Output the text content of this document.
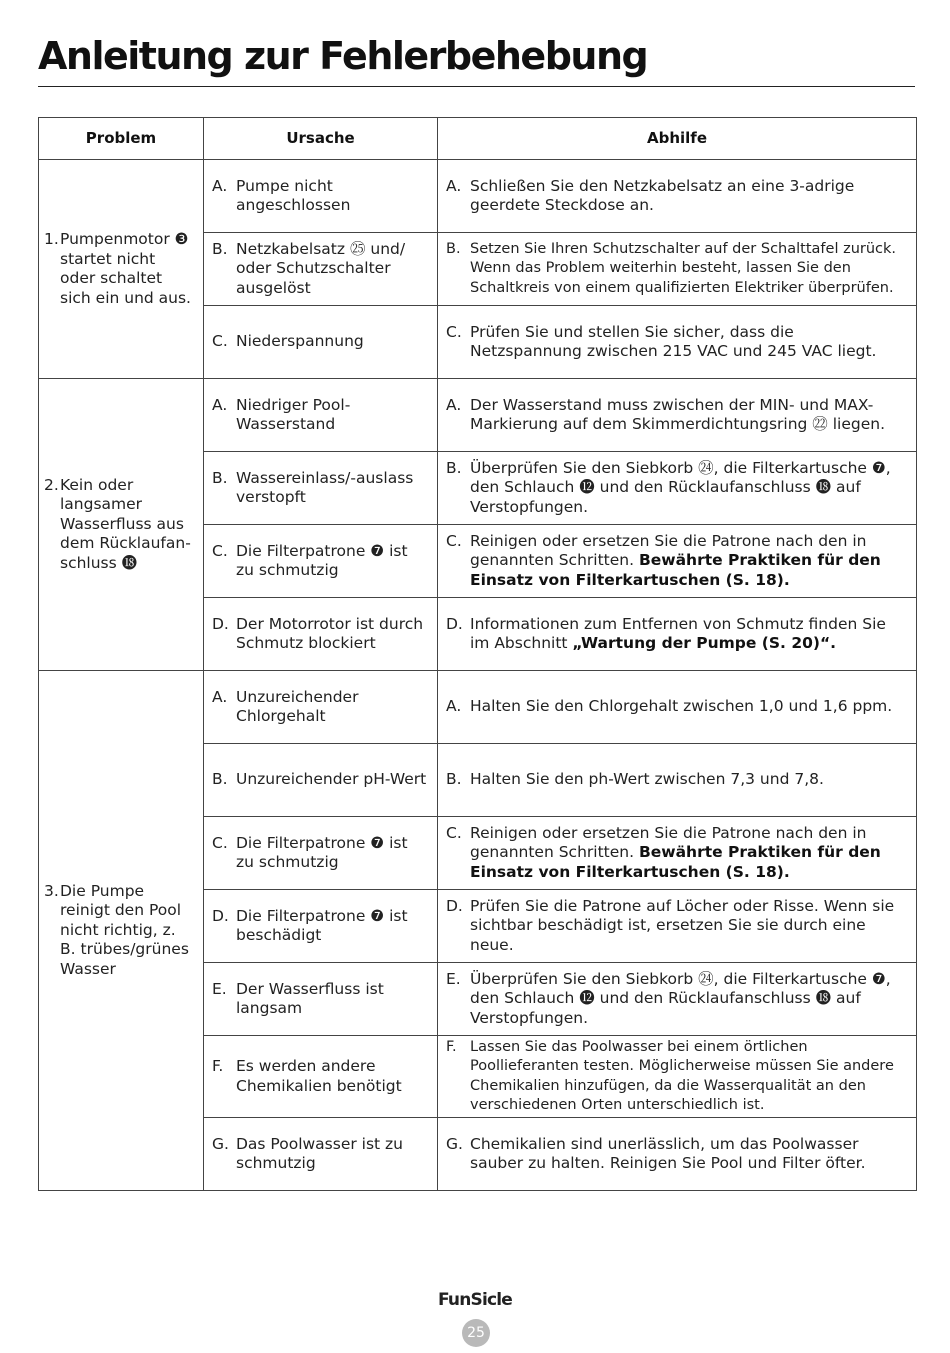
Anleitung zur Fehlerbehebung
Problem	Ursache	Abhilfe

1. Pumpenmotor ❸ startet nicht oder schaltet sich ein und aus.	A. Pumpe nicht angeschlossen	A. Schließen Sie den Netzkabelsatz an eine 3-adrige geerdete Steckdose an.

	B. Netzkabelsatz ㉕ und/ oder Schutzschalter ausgelöst	B. Setzen Sie Ihren Schutzschalter auf der Schalttafel zurück. Wenn das Problem weiterhin besteht, lassen Sie den Schaltkreis von einem qualifizierten Elektriker überprüfen.

	C. Niederspannung	C. Prüfen Sie und stellen Sie sicher, dass die Netzspannung zwischen 215 VAC und 245 VAC liegt.

2. Kein oder langsamer Wasserfluss aus dem Rücklaufan-schluss ⓲	A. Niedriger Pool-Wasserstand	A. Der Wasserstand muss zwischen der MIN- und MAX-Markierung auf dem Skimmerdichtungsring ㉒ liegen.

	B. Wassereinlass/-auslass verstopft	B. Überprüfen Sie den Siebkorb ㉔, die Filterkartusche ❼, den Schlauch ⓬ und den Rücklaufanschluss ⓲ auf Verstopfungen.

	C. Die Filterpatrone ❼ ist zu schmutzig	C. Reinigen oder ersetzen Sie die Patrone nach den in genannten Schritten. Bewährte Praktiken für den Einsatz von Filterkartuschen (S. 18).

	D. Der Motorrotor ist durch Schmutz blockiert	D. Informationen zum Entfernen von Schmutz finden Sie im Abschnitt „Wartung der Pumpe (S. 20)“.

3. Die Pumpe reinigt den Pool nicht richtig, z. B. trübes/grünes Wasser	A. Unzureichender Chlorgehalt	A. Halten Sie den Chlorgehalt zwischen 1,0 und 1,6 ppm.

	B. Unzureichender pH-Wert	B. Halten Sie den ph-Wert zwischen 7,3 und 7,8.

	C. Die Filterpatrone ❼ ist zu schmutzig	C. Reinigen oder ersetzen Sie die Patrone nach den in genannten Schritten. Bewährte Praktiken für den Einsatz von Filterkartuschen (S. 18).

	D. Die Filterpatrone ❼ ist beschädigt	D. Prüfen Sie die Patrone auf Löcher oder Risse. Wenn sie sichtbar beschädigt ist, ersetzen Sie sie durch eine neue.

	E. Der Wasserfluss ist langsam	E. Überprüfen Sie den Siebkorb ㉔, die Filterkartusche ❼, den Schlauch ⓬ und den Rücklaufanschluss ⓲ auf Verstopfungen.

	F. Es werden andere Chemikalien benötigt	F. Lassen Sie das Poolwasser bei einem örtlichen Poollieferanten testen. Möglicherweise müssen Sie andere Chemikalien hinzufügen, da die Wasserqualität an den verschiedenen Orten unterschiedlich ist.

	G. Das Poolwasser ist zu schmutzig	G. Chemikalien sind unerlässlich, um das Poolwasser sauber zu halten. Reinigen Sie Pool und Filter öfter.
FunSicle
25
